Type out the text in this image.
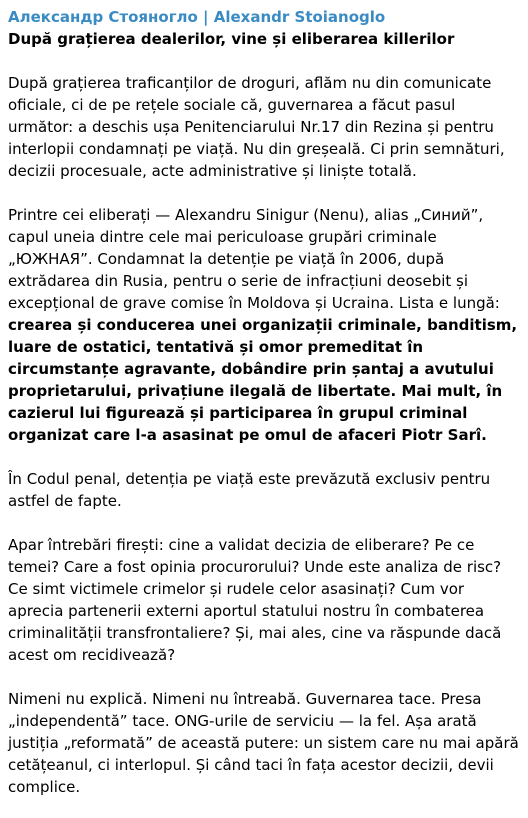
Александр Стояногло | Alexandr Stoianoglo
După grațierea dealerilor, vine și eliberarea killerilor
După grațierea traficanților de droguri, aflăm nu din comunicate oficiale, ci de pe rețele sociale că, guvernarea a făcut pasul următor: a deschis ușa Penitenciarului Nr.17 din Rezina și pentru interlopii condamnați pe viață. Nu din greșeală. Ci prin semnături, decizii procesuale, acte administrative și liniște totală.
Printre cei eliberați — Alexandru Sinigur (Nenu), alias „Синий”, capul uneia dintre cele mai periculoase grupări criminale „ЮЖНАЯ”. Condamnat la detenție pe viață în 2006, după extrădarea din Rusia, pentru o serie de infracțiuni deosebit și excepțional de grave comise în Moldova și Ucraina. Lista e lungă: crearea și conducerea unei organizații criminale, banditism, luare de ostatici, tentativă și omor premeditat în circumstanțe agravante, dobândire prin șantaj a avutului proprietarului, privațiune ilegală de libertate. Mai mult, în cazierul lui figurează și participarea în grupul criminal organizat care l-a asasinat pe omul de afaceri Piotr Sarî.
În Codul penal, detenția pe viață este prevăzută exclusiv pentru astfel de fapte.
Apar întrebări firești: cine a validat decizia de eliberare? Pe ce temei? Care a fost opinia procurorului? Unde este analiza de risc? Ce simt victimele crimelor și rudele celor asasinați? Cum vor aprecia partenerii externi aportul statului nostru în combaterea criminalității transfrontaliere? Și, mai ales, cine va răspunde dacă acest om recidivează?
Nimeni nu explică. Nimeni nu întreabă. Guvernarea tace. Presa „independentă” tace. ONG-urile de serviciu — la fel. Așa arată justiția „reformată” de această putere: un sistem care nu mai apără cetățeanul, ci interlopul. Și când taci în fața acestor decizii, devii complice.
